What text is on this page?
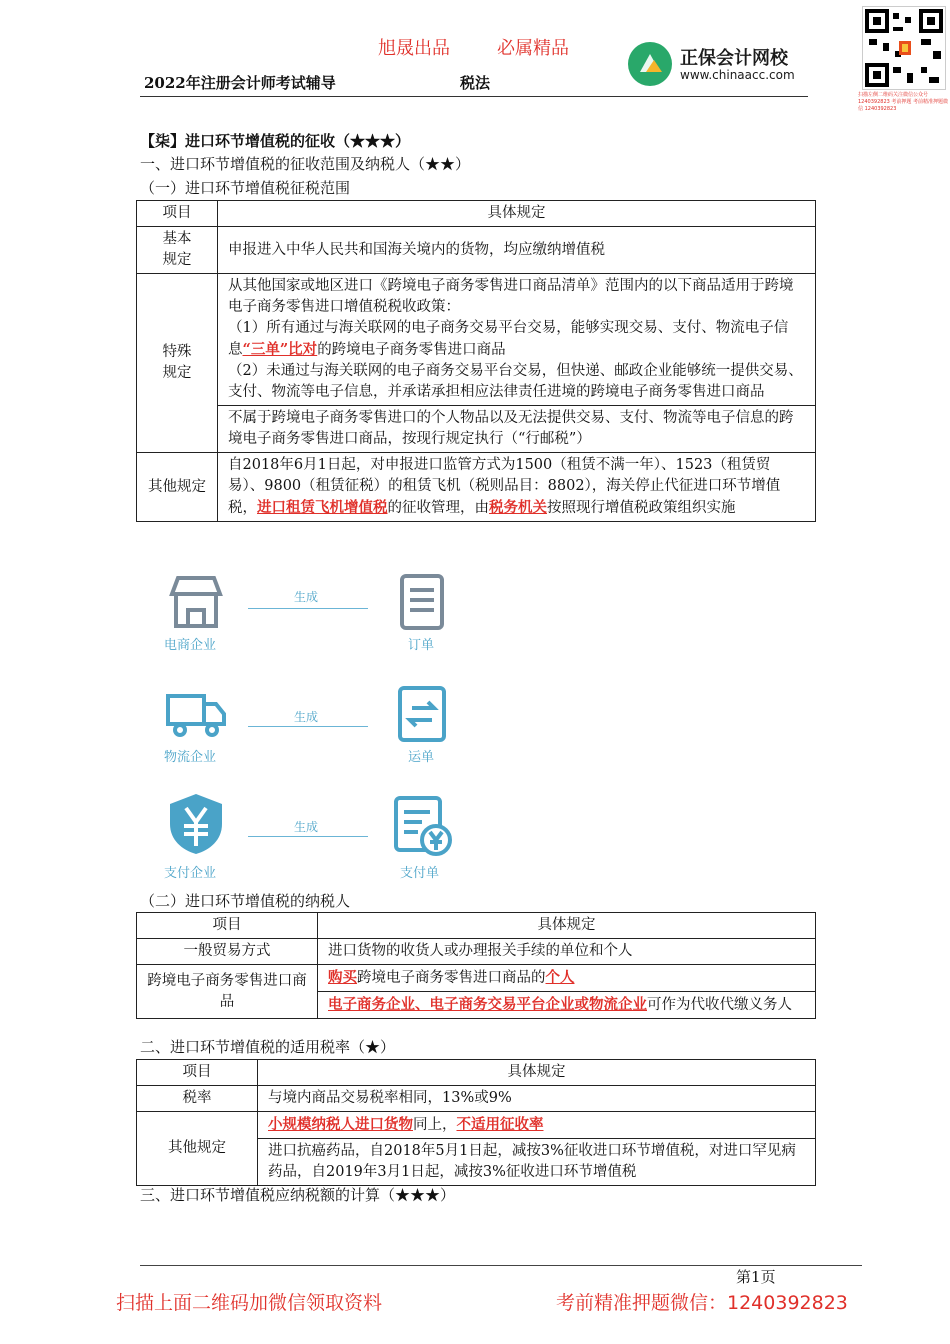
旭晟出品	必属精品
2022年注册会计师考试辅导	税法
正保会计网校
www.chinaacc.com
扫描左侧二维码关注微信公众号 1240392823 考前押题 考前精准押题微信 1240392823
【柒】进口环节增值税的征收（★★★）
一、进口环节增值税的征收范围及纳税人（★★）
（一）进口环节增值税征税范围
项目	具体规定
基本
规定	申报进入中华人民共和国海关境内的货物，均应缴纳增值税
特殊
规定	从其他国家或地区进口《跨境电子商务零售进口商品清单》范围内的以下商品适用于跨境电子商务零售进口增值税税收政策：
（1）所有通过与海关联网的电子商务交易平台交易，能够实现交易、支付、物流电子信息“三单”比对的跨境电子商务零售进口商品
（2）未通过与海关联网的电子商务交易平台交易，但快递、邮政企业能够统一提供交易、支付、物流等电子信息，并承诺承担相应法律责任进境的跨境电子商务零售进口商品
	不属于跨境电子商务零售进口的个人物品以及无法提供交易、支付、物流等电子信息的跨境电子商务零售进口商品，按现行规定执行（“行邮税”）
其他规定	自2018年6月1日起，对申报进口监管方式为1500（租赁不满一年）、1523（租赁贸易）、9800（租赁征税）的租赁飞机（税则品目：8802），海关停止代征进口环节增值税，进口租赁飞机增值税的征收管理，由税务机关按照现行增值税政策组织实施
电商企业
生成
订单
物流企业
生成
运单
支付企业
生成
支付单
（二）进口环节增值税的纳税人
项目	具体规定
一般贸易方式	进口货物的收货人或办理报关手续的单位和个人
跨境电子商务零售进口商品	购买跨境电子商务零售进口商品的个人
	电子商务企业、电子商务交易平台企业或物流企业可作为代收代缴义务人
二、进口环节增值税的适用税率（★）
项目	具体规定
税率	与境内商品交易税率相同，13%或9%
其他规定	小规模纳税人进口货物同上，不适用征收率
	进口抗癌药品，自2018年5月1日起，减按3%征收进口环节增值税，对进口罕见病药品，自2019年3月1日起，减按3%征收进口环节增值税
三、进口环节增值税应纳税额的计算（★★★）
第1页
扫描上面二维码加微信领取资料	考前精准押题微信：1240392823
